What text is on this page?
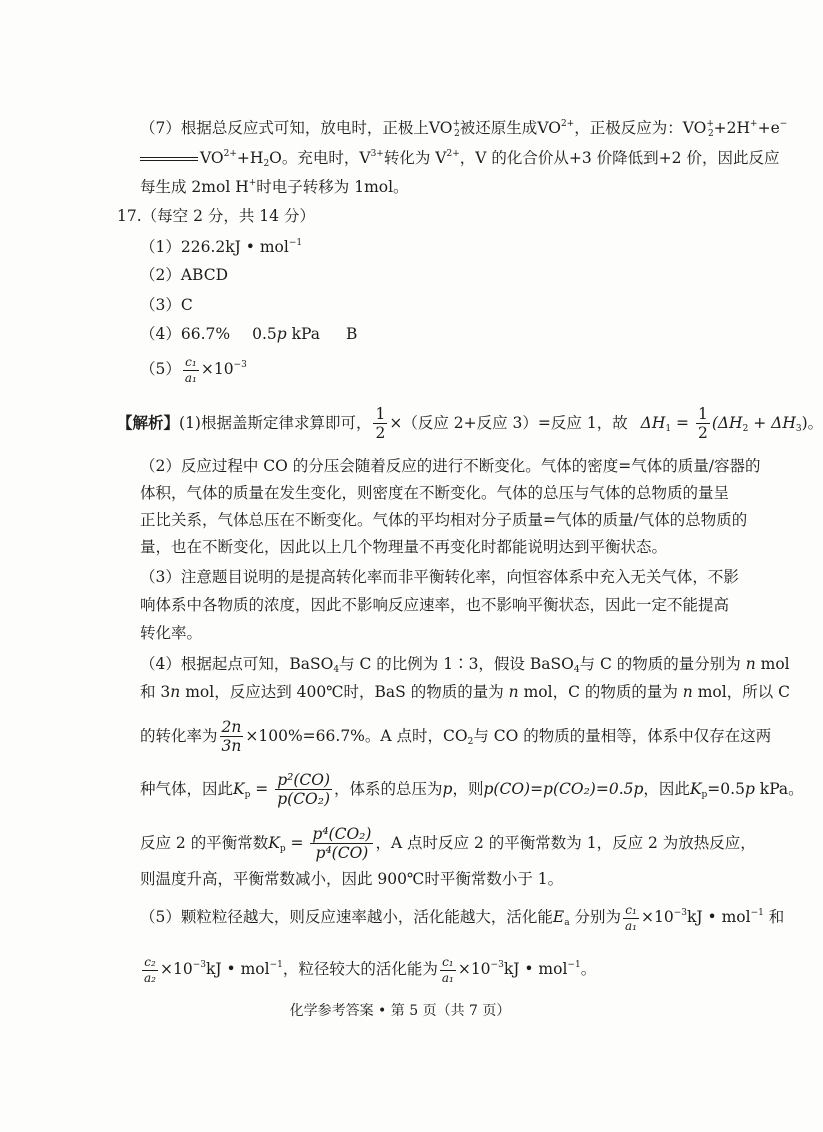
（7）根据总反应式可知，放电时，正极上$VO^+_2$被还原生成$VO^{2+}$，正极反应为：$VO^+_2+2H^++e^-$
$VO^{2+}+H_2O$。充电时，$V^{3+}$转化为 $V^{2+}$，V 的化合价从+3 价降低到+2 价，因此反应
每生成 2mol H+时电子转移为 1mol。
17.（每空 2 分，共 14 分）
（1）226.2kJ • mol$^{-1}$
（2）ABCD
（3）C
（4）66.7% 0.5p kPa B
$(5) \frac{\text{c₁}}{\text{a₁}} \times 10^{-3}$
【解析】(1)根据盖斯定律求算即可， $\frac{1}{2}$ ×（反应 2+反应 3）=反应 1，故 $\Delta H_1 = \frac{1}{2} (\Delta H_2 + \Delta H_3)$。
（2）反应过程中 CO 的分压会随着反应的进行不断变化。气体的密度=气体的质量/容器的
体积，气体的质量在发生变化，则密度在不断变化。气体的总压与气体的总物质的量呈
正比关系，气体总压在不断变化。气体的平均相对分子质量=气体的质量/气体的总物质的
量，也在不断变化，因此以上几个物理量不再变化时都能说明达到平衡状态。
（3）注意题目说明的是提高转化率而非平衡转化率，向恒容体系中充入无关气体，不影
响体系中各物质的浓度，因此不影响反应速率，也不影响平衡状态，因此一定不能提高
转化率。
（4）根据起点可知，BaSO$_4$与 C 的比例为 1∶3，假设 BaSO$_4$与 C 的物质的量分别为 n mol
和 3n mol，反应达到 400℃时，BaS 的物质的量为 n mol，C 的物质的量为 n mol，所以 C
的转化率为 $\frac{2n}{3n} \times 100\%=66.7\%$。A 点时，$CO_2$与 CO 的物质的量相等，体系中仅存在这两
种气体，因此$K_p = \frac{\text{p²(CO)}}{\text{p(CO₂)}}$ ，体系的总压为p，则p(CO)=p(CO₂)=0.5p，因此$K_p=0.5p$ kPa。
反应 2 的平衡常数$K_p = \frac{\text{p⁴(CO₂)}}{\text{p⁴(CO)}}$ ，A 点时反应 2 的平衡常数为 1，反应 2 为放热反应，
则温度升高，平衡常数减小，因此 900℃时平衡常数小于 1。
（5）颗粒粒径越大，则反应速率越小，活化能越大，活化能$E_a$ 分别为 $\frac{\text{c₁}}{\text{a₁}} \times 10^{-3}kJ$ • mol$^{-1}$ 和
$\frac{\text{c₂}}{\text{a₂}} \times 10^{-3}kJ$ • mol$^{-1}$，粒径较大的活化能为 $\frac{\text{c₁}}{\text{a₁}} \times 10^{-3}kJ$ • mol$^{-1}$。
化学参考答案 • 第 5 页（共 7 页）
